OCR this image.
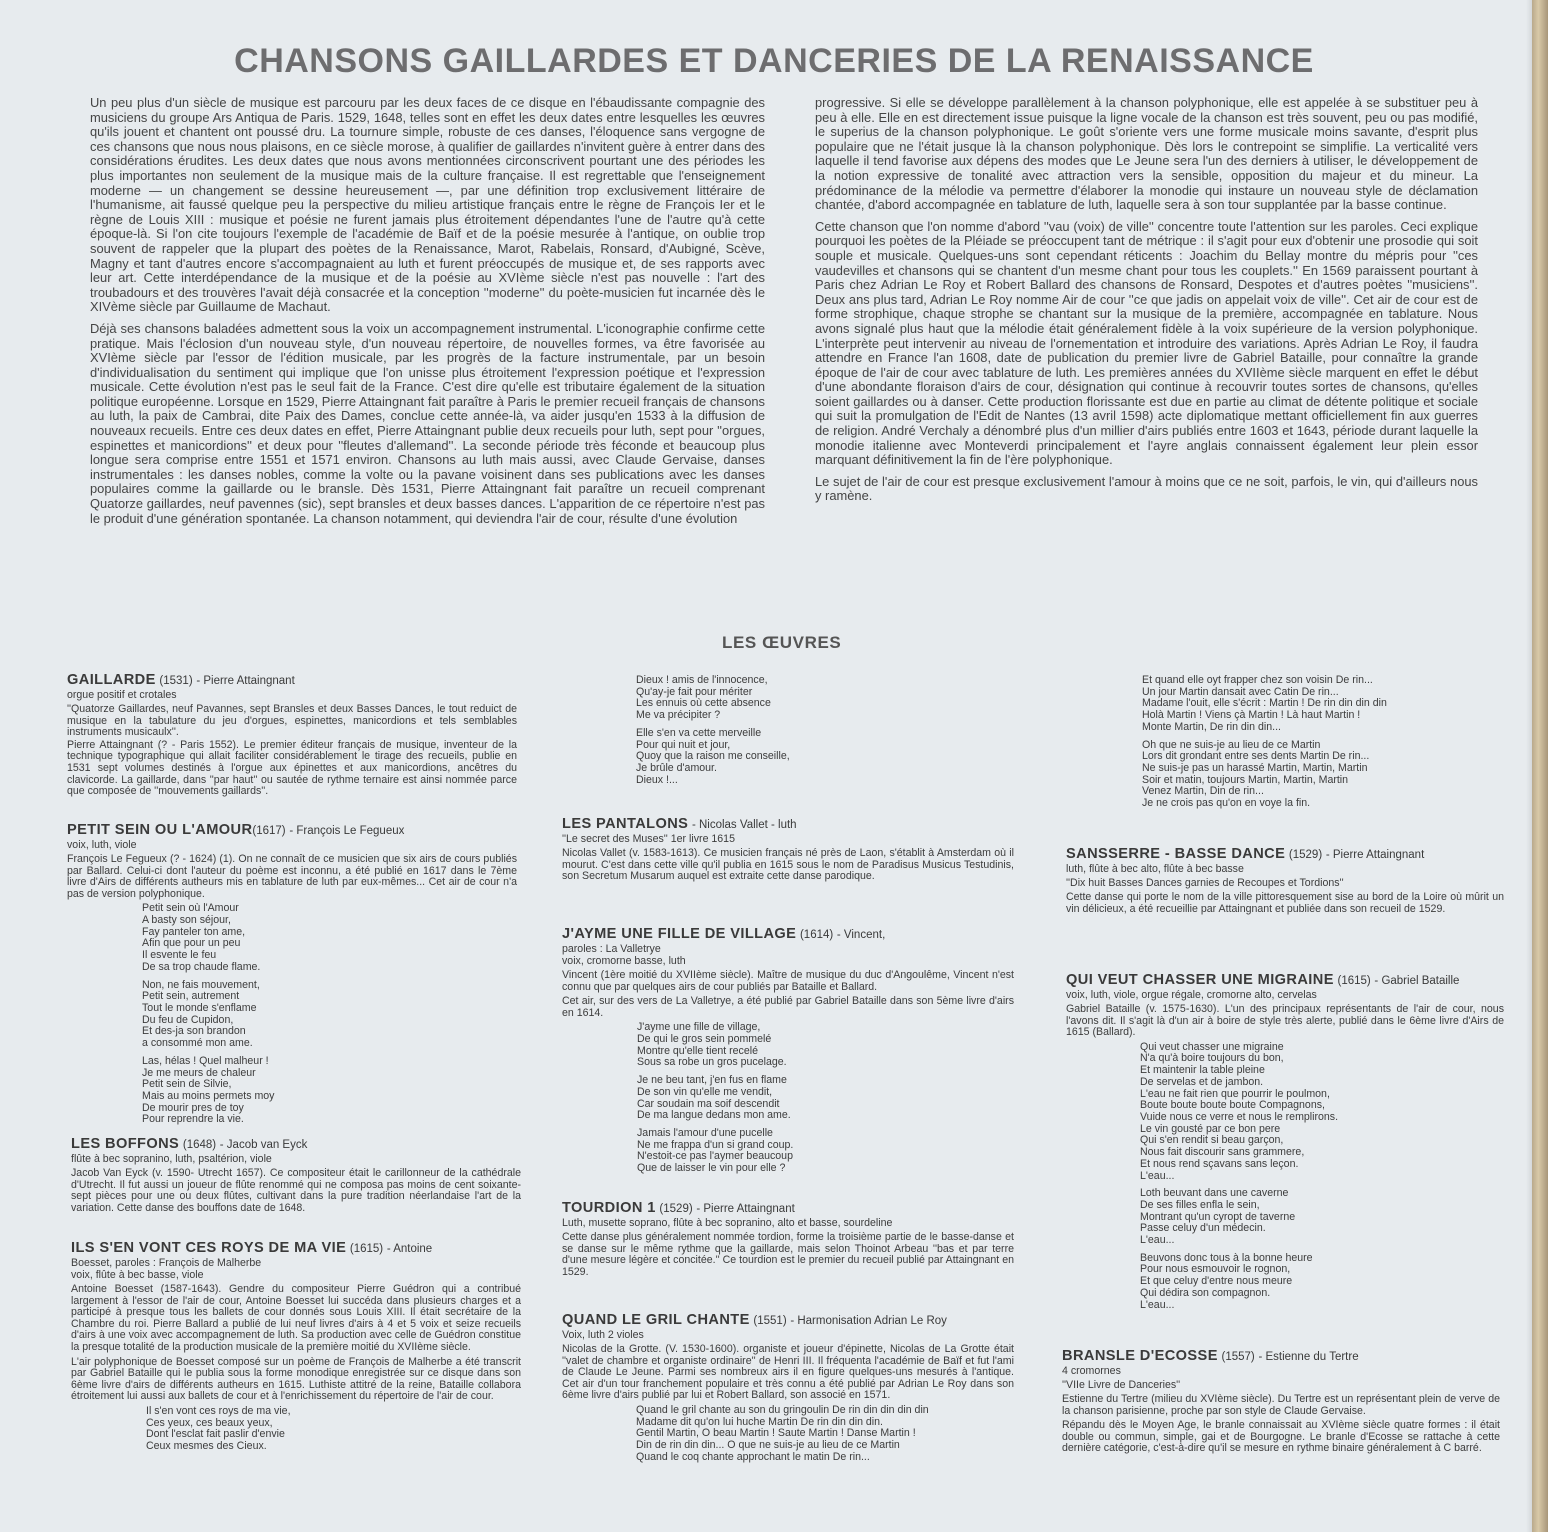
CHANSONS GAILLARDES ET DANCERIES DE LA RENAISSANCE

Un peu plus d'un siècle de musique est parcouru par les deux faces de ce disque en l'ébaudissante compagnie des musiciens du groupe Ars Antiqua de Paris. 1529, 1648, telles sont en effet les deux dates entre lesquelles les œuvres qu'ils jouent et chantent ont poussé dru. La tournure simple, robuste de ces danses, l'éloquence sans vergogne de ces chansons que nous nous plaisons, en ce siècle morose, à qualifier de gaillardes n'invitent guère à entrer dans des considérations érudites. Les deux dates que nous avons mentionnées circonscrivent pourtant une des périodes les plus importantes non seulement de la musique mais de la culture française. Il est regrettable que l'enseignement moderne — un changement se dessine heureusement —, par une définition trop exclusivement littéraire de l'humanisme, ait faussé quelque peu la perspective du milieu artistique français entre le règne de François Ier et le règne de Louis XIII : musique et poésie ne furent jamais plus étroitement dépendantes l'une de l'autre qu'à cette époque-là. Si l'on cite toujours l'exemple de l'académie de Baïf et de la poésie mesurée à l'antique, on oublie trop souvent de rappeler que la plupart des poètes de la Renaissance, Marot, Rabelais, Ronsard, d'Aubigné, Scève, Magny et tant d'autres encore s'accompagnaient au luth et furent préoccupés de musique et, de ses rapports avec leur art. Cette interdépendance de la musique et de la poésie au XVIème siècle n'est pas nouvelle : l'art des troubadours et des trouvères l'avait déjà consacrée et la conception ''moderne'' du poète-musicien fut incarnée dès le XIVème siècle par Guillaume de Machaut.

Déjà ses chansons baladées admettent sous la voix un accompagnement instrumental. L'iconographie confirme cette pratique. Mais l'éclosion d'un nouveau style, d'un nouveau répertoire, de nouvelles formes, va être favorisée au XVIème siècle par l'essor de l'édition musicale, par les progrès de la facture instrumentale, par un besoin d'individualisation du sentiment qui implique que l'on unisse plus étroitement l'expression poétique et l'expression musicale. Cette évolution n'est pas le seul fait de la France. C'est dire qu'elle est tributaire également de la situation politique européenne. Lorsque en 1529, Pierre Attaingnant fait paraître à Paris le premier recueil français de chansons au luth, la paix de Cambrai, dite Paix des Dames, conclue cette année-là, va aider jusqu'en 1533 à la diffusion de nouveaux recueils. Entre ces deux dates en effet, Pierre Attaingnant publie deux recueils pour luth, sept pour ''orgues, espinettes et manicordions'' et deux pour ''fleutes d'allemand''. La seconde période très féconde et beaucoup plus longue sera comprise entre 1551 et 1571 environ. Chansons au luth mais aussi, avec Claude Gervaise, danses instrumentales : les danses nobles, comme la volte ou la pavane voisinent dans ses publications avec les danses populaires comme la gaillarde ou le bransle. Dès 1531, Pierre Attaingnant fait paraître un recueil comprenant Quatorze gaillardes, neuf pavennes (sic), sept bransles et deux basses dances. L'apparition de ce répertoire n'est pas le produit d'une génération spontanée. La chanson notamment, qui deviendra l'air de cour, résulte d'une évolution

progressive. Si elle se développe parallèlement à la chanson polyphonique, elle est appelée à se substituer peu à peu à elle. Elle en est directement issue puisque la ligne vocale de la chanson est très souvent, peu ou pas modifié, le superius de la chanson polyphonique. Le goût s'oriente vers une forme musicale moins savante, d'esprit plus populaire que ne l'était jusque là la chanson polyphonique. Dès lors le contrepoint se simplifie. La verticalité vers laquelle il tend favorise aux dépens des modes que Le Jeune sera l'un des derniers à utiliser, le développement de la notion expressive de tonalité avec attraction vers la sensible, opposition du majeur et du mineur. La prédominance de la mélodie va permettre d'élaborer la monodie qui instaure un nouveau style de déclamation chantée, d'abord accompagnée en tablature de luth, laquelle sera à son tour supplantée par la basse continue.

Cette chanson que l'on nomme d'abord ''vau (voix) de ville'' concentre toute l'attention sur les paroles. Ceci explique pourquoi les poètes de la Pléiade se préoccupent tant de métrique : il s'agit pour eux d'obtenir une prosodie qui soit souple et musicale. Quelques-uns sont cependant réticents : Joachim du Bellay montre du mépris pour ''ces vaudevilles et chansons qui se chantent d'un mesme chant pour tous les couplets.'' En 1569 paraissent pourtant à Paris chez Adrian Le Roy et Robert Ballard des chansons de Ronsard, Despotes et d'autres poètes ''musiciens''. Deux ans plus tard, Adrian Le Roy nomme Air de cour ''ce que jadis on appelait voix de ville''. Cet air de cour est de forme strophique, chaque strophe se chantant sur la musique de la première, accompagnée en tablature. Nous avons signalé plus haut que la mélodie était généralement fidèle à la voix supérieure de la version polyphonique. L'interprète peut intervenir au niveau de l'ornementation et introduire des variations. Après Adrian Le Roy, il faudra attendre en France l'an 1608, date de publication du premier livre de Gabriel Bataille, pour connaître la grande époque de l'air de cour avec tablature de luth. Les premières années du XVIIème siècle marquent en effet le début d'une abondante floraison d'airs de cour, désignation qui continue à recouvrir toutes sortes de chansons, qu'elles soient gaillardes ou à danser. Cette production florissante est due en partie au climat de détente politique et sociale qui suit la promulgation de l'Edit de Nantes (13 avril 1598) acte diplomatique mettant officiellement fin aux guerres de religion. André Verchaly a dénombré plus d'un millier d'airs publiés entre 1603 et 1643, période durant laquelle la monodie italienne avec Monteverdi principalement et l'ayre anglais connaissent également leur plein essor marquant définitivement la fin de l'ère polyphonique.

Le sujet de l'air de cour est presque exclusivement l'amour à moins que ce ne soit, parfois, le vin, qui d'ailleurs nous y ramène.

LES ŒUVRES
GAILLARDE (1531) - Pierre Attaingnant

orgue positif et crotales

''Quatorze Gaillardes, neuf Pavannes, sept Bransles et deux Basses Dances, le tout reduict de musique en la tabulature du jeu d'orgues, espinettes, manicordions et tels semblables instruments musicaulx''.

Pierre Attaingnant (? - Paris 1552). Le premier éditeur français de musique, inventeur de la technique typographique qui allait faciliter considérablement le tirage des recueils, publie en 1531 sept volumes destinés à l'orgue aux épinettes et aux manicordions, ancêtres du clavicorde. La gaillarde, dans ''par haut'' ou sautée de rythme ternaire est ainsi nommée parce que composée de ''mouvements gaillards''.

PETIT SEIN OU L'AMOUR(1617) - François Le Fegueux

voix, luth, viole

François Le Fegueux (? - 1624) (1). On ne connaît de ce musicien que six airs de cours publiés par Ballard. Celui-ci dont l'auteur du poème est inconnu, a été publié en 1617 dans le 7ème livre d'Airs de différents autheurs mis en tablature de luth par eux-mêmes... Cet air de cour n'a pas de version polyphonique.

Petit sein où l'Amour
A basty son séjour,
Fay panteler ton ame,
Afin que pour un peu
Il esvente le feu
De sa trop chaude flame.
Non, ne fais mouvement,
Petit sein, autrement
Tout le monde s'enflame
Du feu de Cupidon,
Et des-ja son brandon
a consommé mon ame.
Las, hélas ! Quel malheur !
Je me meurs de chaleur
Petit sein de Silvie,
Mais au moins permets moy
De mourir pres de toy
Pour reprendre la vie.
LES BOFFONS (1648) - Jacob van Eyck

flûte à bec sopranino, luth, psaltérion, viole

Jacob Van Eyck (v. 1590- Utrecht 1657). Ce compositeur était le carillonneur de la cathédrale d'Utrecht. Il fut aussi un joueur de flûte renommé qui ne composa pas moins de cent soixante-sept pièces pour une ou deux flûtes, cultivant dans la pure tradition néerlandaise l'art de la variation. Cette danse des bouffons date de 1648.

ILS S'EN VONT CES ROYS DE MA VIE (1615) - Antoine

Boesset, paroles : François de Malherbe

voix, flûte à bec basse, viole

Antoine Boesset (1587-1643). Gendre du compositeur Pierre Guédron qui a contribué largement à l'essor de l'air de cour, Antoine Boesset lui succéda dans plusieurs charges et a participé à presque tous les ballets de cour donnés sous Louis XIII. Il était secrétaire de la Chambre du roi. Pierre Ballard a publié de lui neuf livres d'airs à 4 et 5 voix et seize recueils d'airs à une voix avec accompagnement de luth. Sa production avec celle de Guédron constitue la presque totalité de la production musicale de la première moitié du XVIIème siècle.

L'air polyphonique de Boesset composé sur un poème de François de Malherbe a été transcrit par Gabriel Bataille qui le publia sous la forme monodique enregistrée sur ce disque dans son 6ème livre d'airs de différents autheurs en 1615. Luthiste attitré de la reine, Bataille collabora étroitement lui aussi aux ballets de cour et à l'enrichissement du répertoire de l'air de cour.

Il s'en vont ces roys de ma vie,
Ces yeux, ces beaux yeux,
Dont l'esclat fait paslir d'envie
Ceux mesmes des Cieux.
Dieux ! amis de l'innocence,
Qu'ay-je fait pour mériter
Les ennuis où cette absence
Me va précipiter ?
Elle s'en va cette merveille
Pour qui nuit et jour,
Quoy que la raison me conseille,
Je brûle d'amour.
Dieux !...
LES PANTALONS - Nicolas Vallet - luth

''Le secret des Muses'' 1er livre 1615

Nicolas Vallet (v. 1583-1613). Ce musicien français né près de Laon, s'établit à Amsterdam où il mourut. C'est dans cette ville qu'il publia en 1615 sous le nom de Paradisus Musicus Testudinis, son Secretum Musarum auquel est extraite cette danse parodique.

J'AYME UNE FILLE DE VILLAGE (1614) - Vincent,

paroles : La Valletrye

voix, cromorne basse, luth

Vincent (1ère moitié du XVIIème siècle). Maître de musique du duc d'Angoulême, Vincent n'est connu que par quelques airs de cour publiés par Bataille et Ballard.

Cet air, sur des vers de La Valletrye, a été publié par Gabriel Bataille dans son 5ème livre d'airs en 1614.

J'ayme une fille de village,
De qui le gros sein pommelé
Montre qu'elle tient recelé
Sous sa robe un gros pucelage.
Je ne beu tant, j'en fus en flame
De son vin qu'elle me vendit,
Car soudain ma soif descendit
De ma langue dedans mon ame.
Jamais l'amour d'une pucelle
Ne me frappa d'un si grand coup.
N'estoit-ce pas l'aymer beaucoup
Que de laisser le vin pour elle ?
TOURDION 1 (1529) - Pierre Attaingnant

Luth, musette soprano, flûte à bec sopranino, alto et basse, sourdeline

Cette danse plus généralement nommée tordion, forme la troisième partie de le basse-danse et se danse sur le même rythme que la gaillarde, mais selon Thoinot Arbeau ''bas et par terre d'une mesure légère et concitée.'' Ce tourdion est le premier du recueil publié par Attaingnant en 1529.

QUAND LE GRIL CHANTE (1551) - Harmonisation Adrian Le Roy

Voix, luth 2 violes

Nicolas de la Grotte. (V. 1530-1600). organiste et joueur d'épinette, Nicolas de La Grotte était ''valet de chambre et organiste ordinaire'' de Henri III. Il fréquenta l'académie de Baïf et fut l'ami de Claude Le Jeune. Parmi ses nombreux airs il en figure quelques-uns mesurés à l'antique. Cet air d'un tour franchement populaire et très connu a été publié par Adrian Le Roy dans son 6ème livre d'airs publié par lui et Robert Ballard, son associé en 1571.

Quand le gril chante au son du gringoulin De rin din din din din
Madame dit qu'on lui huche Martin De rin din din din.
Gentil Martin, O beau Martin ! Saute Martin ! Danse Martin !
Din de rin din din... O que ne suis-je au lieu de ce Martin
Quand le coq chante approchant le matin De rin...
Et quand elle oyt frapper chez son voisin De rin...
Un jour Martin dansait avec Catin De rin...
Madame l'ouit, elle s'écrit : Martin ! De rin din din din
Holà Martin ! Viens çà Martin ! Là haut Martin !
Monte Martin, De rin din din...
Oh que ne suis-je au lieu de ce Martin
Lors dit grondant entre ses dents Martin De rin...
Ne suis-je pas un harassé Martin, Martin, Martin
Soir et matin, toujours Martin, Martin, Martin
Venez Martin, Din de rin...
Je ne crois pas qu'on en voye la fin.
SANSSERRE - BASSE DANCE (1529) - Pierre Attaingnant

luth, flûte à bec alto, flûte à bec basse

''Dix huit Basses Dances garnies de Recoupes et Tordions''

Cette danse qui porte le nom de la ville pittoresquement sise au bord de la Loire où mûrit un vin délicieux, a été recueillie par Attaingnant et publiée dans son recueil de 1529.

QUI VEUT CHASSER UNE MIGRAINE (1615) - Gabriel Bataille

voix, luth, viole, orgue régale, cromorne alto, cervelas

Gabriel Bataille (v. 1575-1630). L'un des principaux représentants de l'air de cour, nous l'avons dit. Il s'agit là d'un air à boire de style très alerte, publié dans le 6ème livre d'Airs de 1615 (Ballard).

Qui veut chasser une migraine
N'a qu'à boire toujours du bon,
Et maintenir la table pleine
De servelas et de jambon.
L'eau ne fait rien que pourrir le poulmon,
Boute boute boute boute Compagnons,
Vuide nous ce verre et nous le remplirons.
Le vin gousté par ce bon pere
Qui s'en rendit si beau garçon,
Nous fait discourir sans grammere,
Et nous rend sçavans sans leçon.
L'eau...
Loth beuvant dans une caverne
De ses filles enfla le sein,
Montrant qu'un cyropt de taverne
Passe celuy d'un médecin.
L'eau...
Beuvons donc tous à la bonne heure
Pour nous esmouvoir le rognon,
Et que celuy d'entre nous meure
Qui dédira son compagnon.
L'eau...
BRANSLE D'ECOSSE (1557) - Estienne du Tertre

4 cromornes

''VIIe Livre de Danceries''

Estienne du Tertre (milieu du XVIème siècle). Du Tertre est un représentant plein de verve de la chanson parisienne, proche par son style de Claude Gervaise.

Répandu dès le Moyen Age, le branle connaissait au XVIème siècle quatre formes : il était double ou commun, simple, gai et de Bourgogne. Le branle d'Ecosse se rattache à cette dernière catégorie, c'est-à-dire qu'il se mesure en rythme binaire généralement à C barré.
